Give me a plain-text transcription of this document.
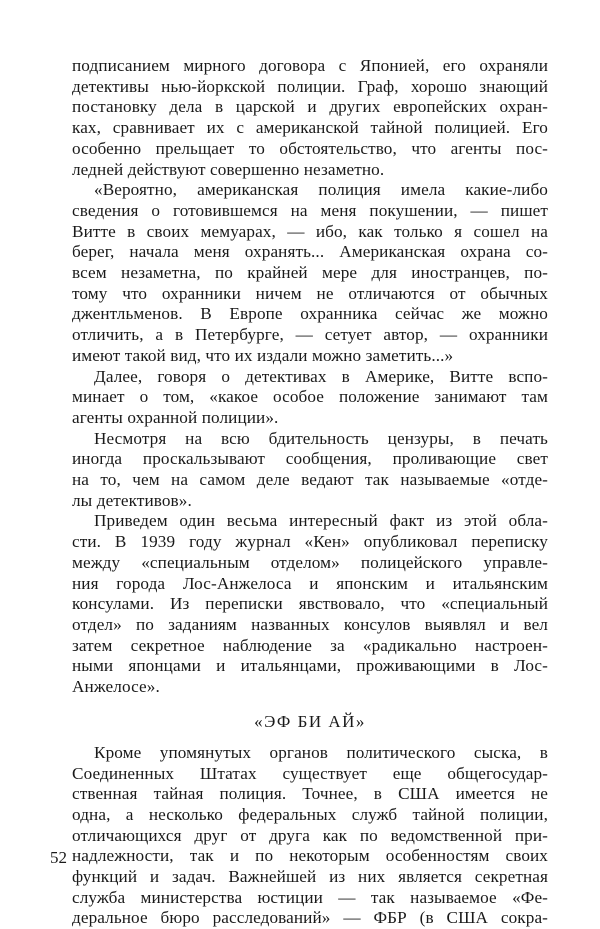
подписанием мирного договора с Японией, его охраняли
детективы нью-йоркской полиции. Граф, хорошо знающий
постановку дела в царской и других европейских охран-
ках, сравнивает их с американской тайной полицией. Его
особенно прельщает то обстоятельство, что агенты пос-
ледней действуют совершенно незаметно.

«Вероятно, американская полиция имела какие-либо
сведения о готовившемся на меня покушении, — пишет
Витте в своих мемуарах, — ибо, как только я сошел на
берег, начала меня охранять... Американская охрана со-
всем незаметна, по крайней мере для иностранцев, по-
тому что охранники ничем не отличаются от обычных
джентльменов. В Европе охранника сейчас же можно
отличить, а в Петербурге, — сетует автор, — охранники
имеют такой вид, что их издали можно заметить...»

Далее, говоря о детективах в Америке, Витте вспо-
минает о том, «какое особое положение занимают там
агенты охранной полиции».

Несмотря на всю бдительность цензуры, в печать
иногда проскальзывают сообщения, проливающие свет
на то, чем на самом деле ведают так называемые «отде-
лы детективов».

Приведем один весьма интересный факт из этой обла-
сти. В 1939 году журнал «Кен» опубликовал переписку
между «специальным отделом» полицейского управле-
ния города Лос-Анжелоса и японским и итальянским
консулами. Из переписки явствовало, что «специальный
отдел» по заданиям названных консулов выявлял и вел
затем секретное наблюдение за «радикально настроен-
ными японцами и итальянцами, проживающими в Лос-
Анжелосе».

«ЭФ БИ АЙ»

Кроме упомянутых органов политического сыска, в
Соединенных Штатах существует еще общегосудар-
ственная тайная полиция. Точнее, в США имеется не
одна, а несколько федеральных служб тайной полиции,
отличающихся друг от друга как по ведомственной при-
надлежности, так и по некоторым особенностям своих
функций и задач. Важнейшей из них является секретная
служба министерства юстиции — так называемое «Фе-
деральное бюро расследований» — ФБР (в США сокра-

52
